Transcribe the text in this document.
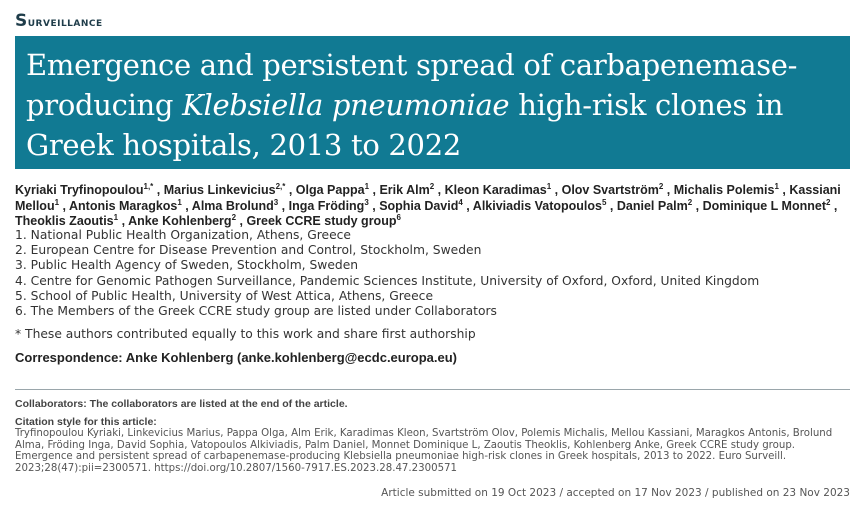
Surveillance
Emergence and persistent spread of carbapenemase-producing Klebsiella pneumoniae high-risk clones in Greek hospitals, 2013 to 2022
Kyriaki Tryfinopoulou$^{1,*}$ , Marius Linkevicius$^{2,*}$ , Olga Pappa$^1$ , Erik Alm$^2$ , Kleon Karadimas$^1$ , Olov Svartström$^2$ , Michalis Polemis$^1$ , Kassiani Mellou$^1$ , Antonis Maragkos$^1$ , Alma Brolund$^3$ , Inga Fröding$^3$ , Sophia David$^4$ , Alkiviadis Vatopoulos$^5$ , Daniel Palm$^2$ , Dominique L Monnet$^2$ , Theoklis Zaoutis$^1$ , Anke Kohlenberg$^2$ , Greek CCRE study group$^6$
1. National Public Health Organization, Athens, Greece
2. European Centre for Disease Prevention and Control, Stockholm, Sweden
3. Public Health Agency of Sweden, Stockholm, Sweden
4. Centre for Genomic Pathogen Surveillance, Pandemic Sciences Institute, University of Oxford, Oxford, United Kingdom
5. School of Public Health, University of West Attica, Athens, Greece
6. The Members of the Greek CCRE study group are listed under Collaborators
* These authors contributed equally to this work and share first authorship
Correspondence: Anke Kohlenberg (anke.kohlenberg@ecdc.europa.eu)
Collaborators: The collaborators are listed at the end of the article.
Citation style for this article:
Tryfinopoulou Kyriaki, Linkevicius Marius, Pappa Olga, Alm Erik, Karadimas Kleon, Svartström Olov, Polemis Michalis, Mellou Kassiani, Maragkos Antonis, Brolund Alma, Fröding Inga, David Sophia, Vatopoulos Alkiviadis, Palm Daniel, Monnet Dominique L, Zaoutis Theoklis, Kohlenberg Anke, Greek CCRE study group. Emergence and persistent spread of carbapenemase-producing Klebsiella pneumoniae high-risk clones in Greek hospitals, 2013 to 2022. Euro Surveill. 2023;28(47):pii=2300571. https://doi.org/10.2807/1560-7917.ES.2023.28.47.2300571
Article submitted on 19 Oct 2023 / accepted on 17 Nov 2023 / published on 23 Nov 2023
